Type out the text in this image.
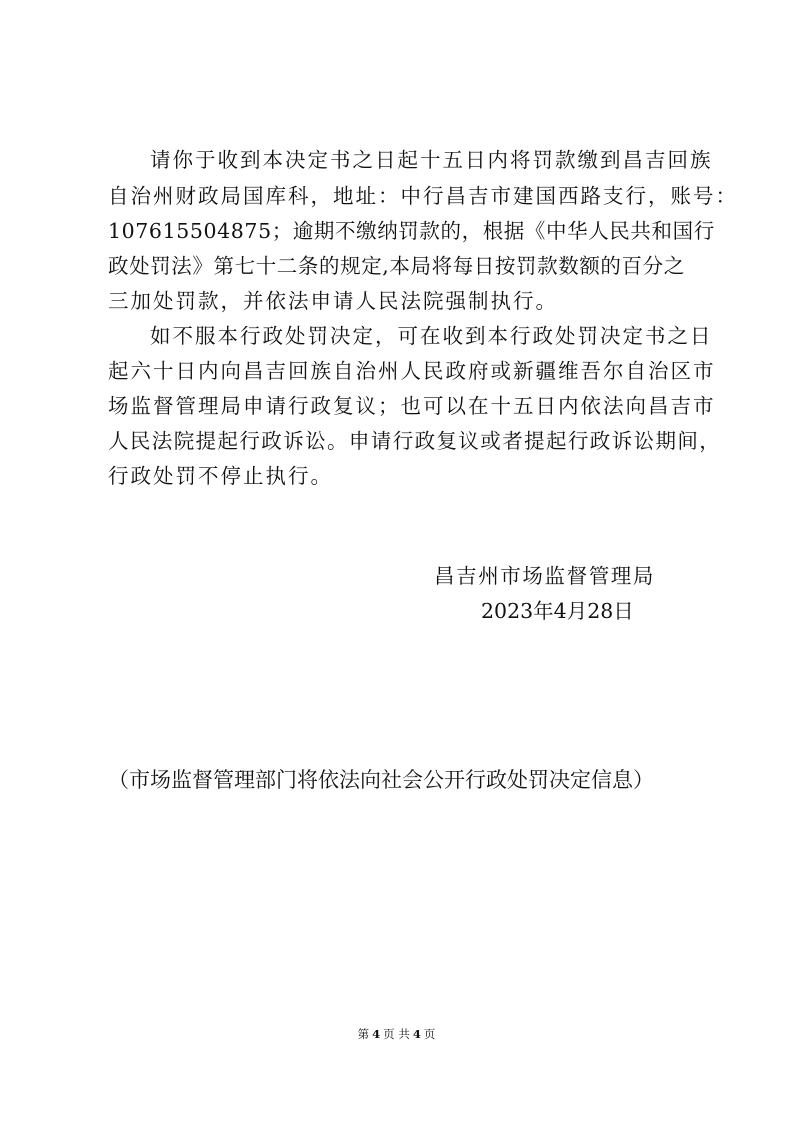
请你于收到本决定书之日起十五日内将罚款缴到昌吉回族
自治州财政局国库科，地址：中行昌吉市建国西路支行，账号：
107615504875；逾期不缴纳罚款的，根据《中华人民共和国行
政处罚法》第七十二条的规定,本局将每日按罚款数额的百分之
三加处罚款，并依法申请人民法院强制执行。
如不服本行政处罚决定，可在收到本行政处罚决定书之日
起六十日内向昌吉回族自治州人民政府或新疆维吾尔自治区市
场监督管理局申请行政复议；也可以在十五日内依法向昌吉市
人民法院提起行政诉讼。申请行政复议或者提起行政诉讼期间，
行政处罚不停止执行。
昌吉州市场监督管理局
2023年4月28日
（市场监督管理部门将依法向社会公开行政处罚决定信息）
第 4 页 共 4 页
